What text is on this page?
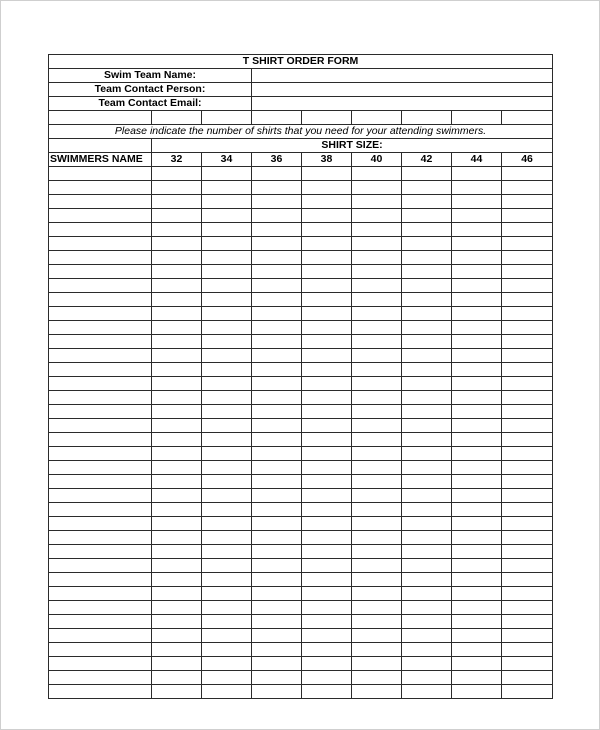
T SHIRT ORDER FORM								
Swim Team Name:								
Team Contact Person:								
Team Contact Email:								

Please indicate the number of shirts that you need for your attending swimmers.								
	SHIRT SIZE:							
SWIMMERS NAME	32	34	36	38	40	42	44	46
